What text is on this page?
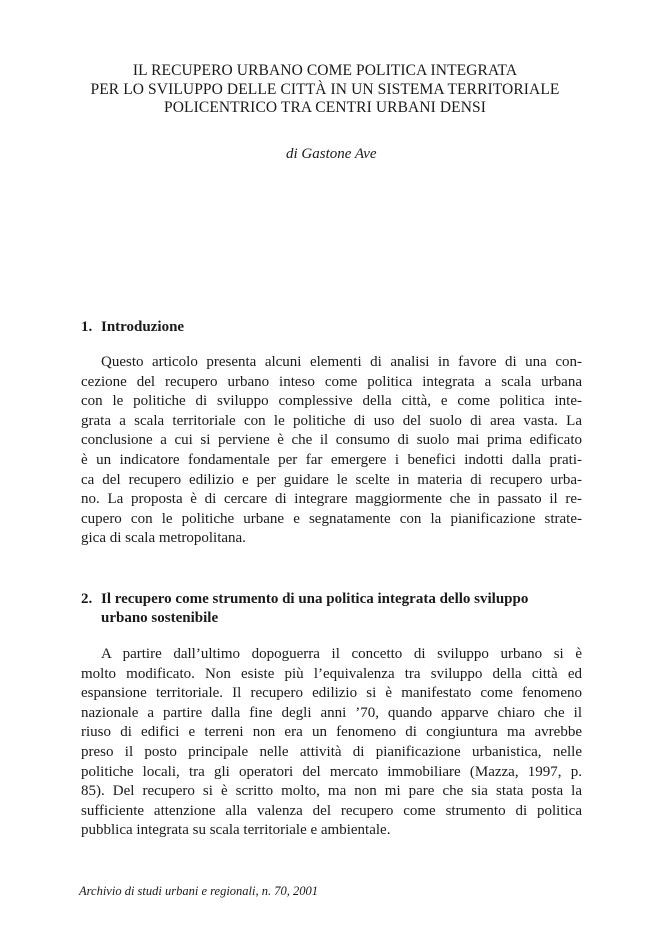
IL RECUPERO URBANO COME POLITICA INTEGRATA
PER LO SVILUPPO DELLE CITTÀ IN UN SISTEMA TERRITORIALE
POLICENTRICO TRA CENTRI URBANI DENSI
di Gastone Ave
1. Introduzione
Questo articolo presenta alcuni elementi di analisi in favore di una con-
cezione del recupero urbano inteso come politica integrata a scala urbana
con le politiche di sviluppo complessive della città, e come politica inte-
grata a scala territoriale con le politiche di uso del suolo di area vasta. La
conclusione a cui si perviene è che il consumo di suolo mai prima edificato
è un indicatore fondamentale per far emergere i benefici indotti dalla prati-
ca del recupero edilizio e per guidare le scelte in materia di recupero urba-
no. La proposta è di cercare di integrare maggiormente che in passato il re-
cupero con le politiche urbane e segnatamente con la pianificazione strate-
gica di scala metropolitana.
2. Il recupero come strumento di una politica integrata dello sviluppo
urbano sostenibile
A partire dall’ultimo dopoguerra il concetto di sviluppo urbano si è
molto modificato. Non esiste più l’equivalenza tra sviluppo della città ed
espansione territoriale. Il recupero edilizio si è manifestato come fenomeno
nazionale a partire dalla fine degli anni ’70, quando apparve chiaro che il
riuso di edifici e terreni non era un fenomeno di congiuntura ma avrebbe
preso il posto principale nelle attività di pianificazione urbanistica, nelle
politiche locali, tra gli operatori del mercato immobiliare (Mazza, 1997, p.
85). Del recupero si è scritto molto, ma non mi pare che sia stata posta la
sufficiente attenzione alla valenza del recupero come strumento di politica
pubblica integrata su scala territoriale e ambientale.
Archivio di studi urbani e regionali, n. 70, 2001
